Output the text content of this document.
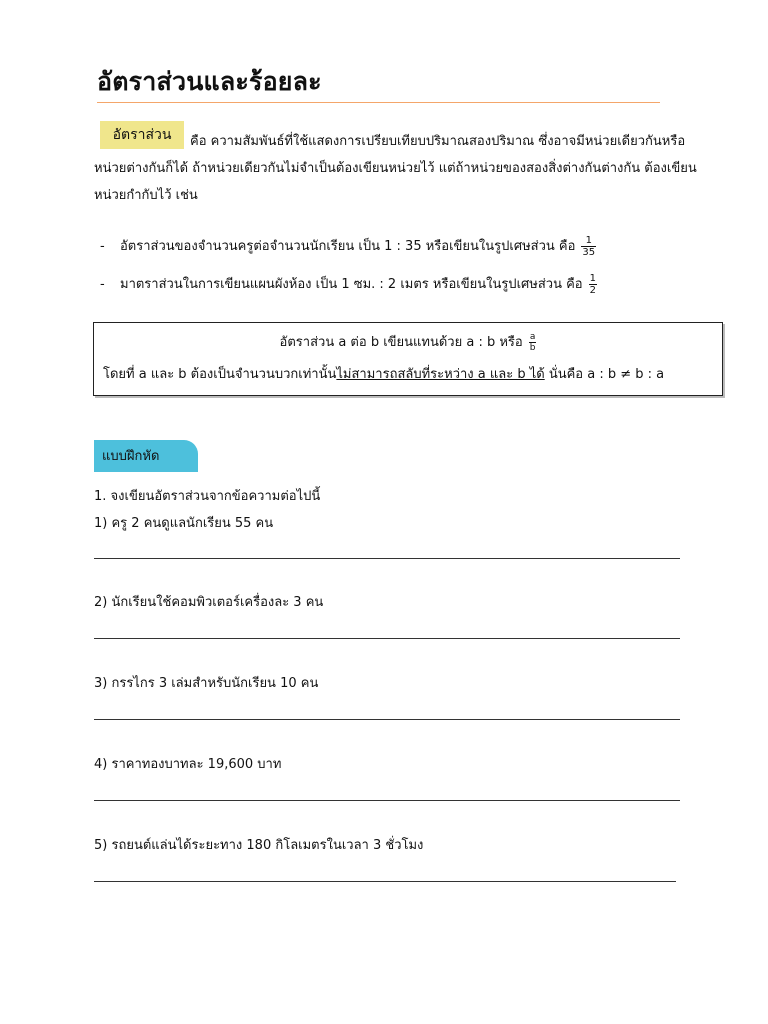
อัตราส่วนและร้อยละ
อัตราส่วน	คือ ความสัมพันธ์ที่ใช้แสดงการเปรียบเทียบปริมาณสองปริมาณ ซึ่งอาจมีหน่วยเดียวกันหรือ
หน่วยต่างกันก็ได้ ถ้าหน่วยเดียวกันไม่จำเป็นต้องเขียนหน่วยไว้ แต่ถ้าหน่วยของสองสิ่งต่างกันต่างกัน ต้องเขียน
หน่วยกำกับไว้ เช่น
- อัตราส่วนของจำนวนครูต่อจำนวนนักเรียน เป็น 1 : 35 หรือเขียนในรูปเศษส่วน คือ $\frac{1}{35}$
- มาตราส่วนในการเขียนแผนผังห้อง เป็น 1 ซม. : 2 เมตร หรือเขียนในรูปเศษส่วน คือ $\frac{1}{2}$
อัตราส่วน a ต่อ b เขียนแทนด้วย a : b หรือ $\frac{a}{b}$
โดยที่ a และ b ต้องเป็นจำนวนบวกเท่านั้นไม่สามารถสลับที่ระหว่าง a และ b ได้ นั่นคือ a : b ≠ b : a
แบบฝึกหัด
1. จงเขียนอัตราส่วนจากข้อความต่อไปนี้
1) ครู 2 คนดูแลนักเรียน 55 คน
2) นักเรียนใช้คอมพิวเตอร์เครื่องละ 3 คน
3) กรรไกร 3 เล่มสำหรับนักเรียน 10 คน
4) ราคาทองบาทละ 19,600 บาท
5) รถยนต์แล่นได้ระยะทาง 180 กิโลเมตรในเวลา 3 ชั่วโมง
